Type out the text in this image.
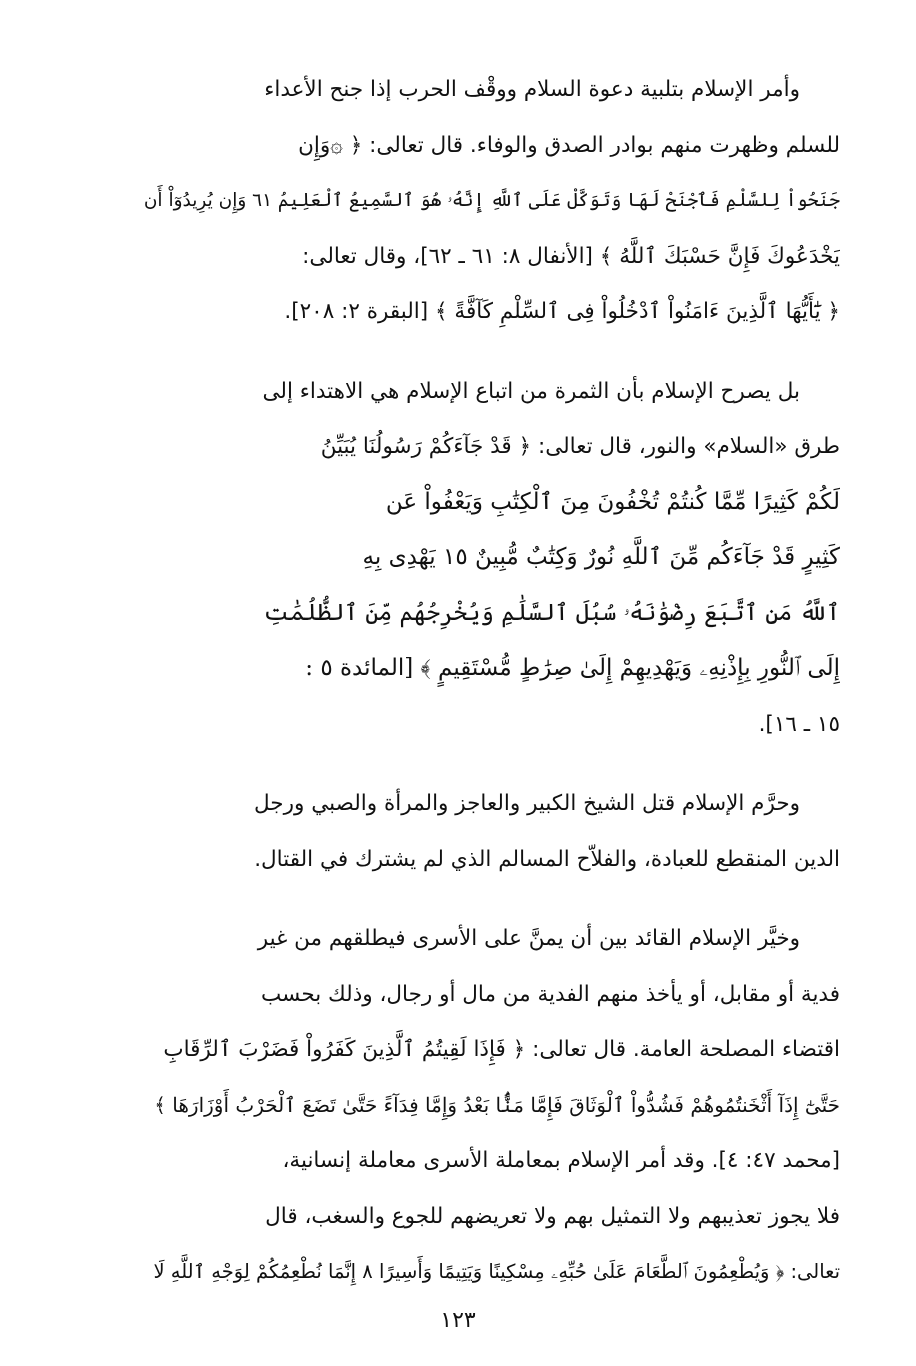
وأمر الإسلام بتلبية دعوة السلام ووقْف الحرب إذا جنح الأعداء
للسلم وظهرت منهم بوادر الصدق والوفاء. قال تعالى: ﴿ ۞وَإِن
جَنَحُواْ لِلسَّلْمِ فَٱجْنَحْ لَهَا وَتَوَكَّلْ عَلَى ٱللَّهِ إِنَّهُۥ هُوَ ٱلسَّمِيعُ ٱلْعَلِيمُ ٦١ وَإِن يُرِيدُوٓاْ أَن
يَخْدَعُوكَ فَإِنَّ حَسْبَكَ ٱللَّهُ ﴾ [الأنفال ٨: ٦١ ـ ٦٢]، وقال تعالى:
﴿ يَٰٓأَيُّهَا ٱلَّذِينَ ءَامَنُواْ ٱدْخُلُواْ فِى ٱلسِّلْمِ كَآفَّةً ﴾ [البقرة ٢: ٢٠٨].

بل يصرح الإسلام بأن الثمرة من اتباع الإسلام هي الاهتداء إلى
طرق «السلام» والنور، قال تعالى: ﴿ قَدْ جَآءَكُمْ رَسُولُنَا يُبَيِّنُ
لَكُمْ كَثِيرًا مِّمَّا كُنتُمْ تُخْفُونَ مِنَ ٱلْكِتَٰبِ وَيَعْفُواْ عَن
كَثِيرٍ قَدْ جَآءَكُم مِّنَ ٱللَّهِ نُورٌ وَكِتَٰبٌ مُّبِينٌ ١٥ يَهْدِى بِهِ
ٱللَّهُ مَنِ ٱتَّبَعَ رِضْوَٰنَهُۥ سُبُلَ ٱلسَّلَٰمِ وَيُخْرِجُهُم مِّنَ ٱلظُّلُمَٰتِ
إِلَى ٱلنُّورِ بِإِذْنِهِۦ وَيَهْدِيهِمْ إِلَىٰ صِرَٰطٍ مُّسْتَقِيمٍ ﴾ [المائدة ٥ :
١٥ ـ ١٦].

وحرَّم الإسلام قتل الشيخ الكبير والعاجز والمرأة والصبي ورجل
الدين المنقطع للعبادة، والفلاّح المسالم الذي لم يشترك في القتال.

وخيَّر الإسلام القائد بين أن يمنَّ على الأسرى فيطلقهم من غير
فدية أو مقابل، أو يأخذ منهم الفدية من مال أو رجال، وذلك بحسب
اقتضاء المصلحة العامة. قال تعالى: ﴿ فَإِذَا لَقِيتُمُ ٱلَّذِينَ كَفَرُواْ فَضَرْبَ ٱلرِّقَابِ
حَتَّىٰٓ إِذَآ أَثْخَنتُمُوهُمْ فَشُدُّواْ ٱلْوَثَاقَ فَإِمَّا مَنًّۢا بَعْدُ وَإِمَّا فِدَآءً حَتَّىٰ تَضَعَ ٱلْحَرْبُ أَوْزَارَهَا ﴾
[محمد ٤٧: ٤]. وقد أمر الإسلام بمعاملة الأسرى معاملة إنسانية،
فلا يجوز تعذيبهم ولا التمثيل بهم ولا تعريضهم للجوع والسغب، قال
تعالى: ﴿ وَيُطْعِمُونَ ٱلطَّعَامَ عَلَىٰ حُبِّهِۦ مِسْكِينًا وَيَتِيمًا وَأَسِيرًا ٨ إِنَّمَا نُطْعِمُكُمْ لِوَجْهِ ٱللَّهِ لَا

١٢٣
